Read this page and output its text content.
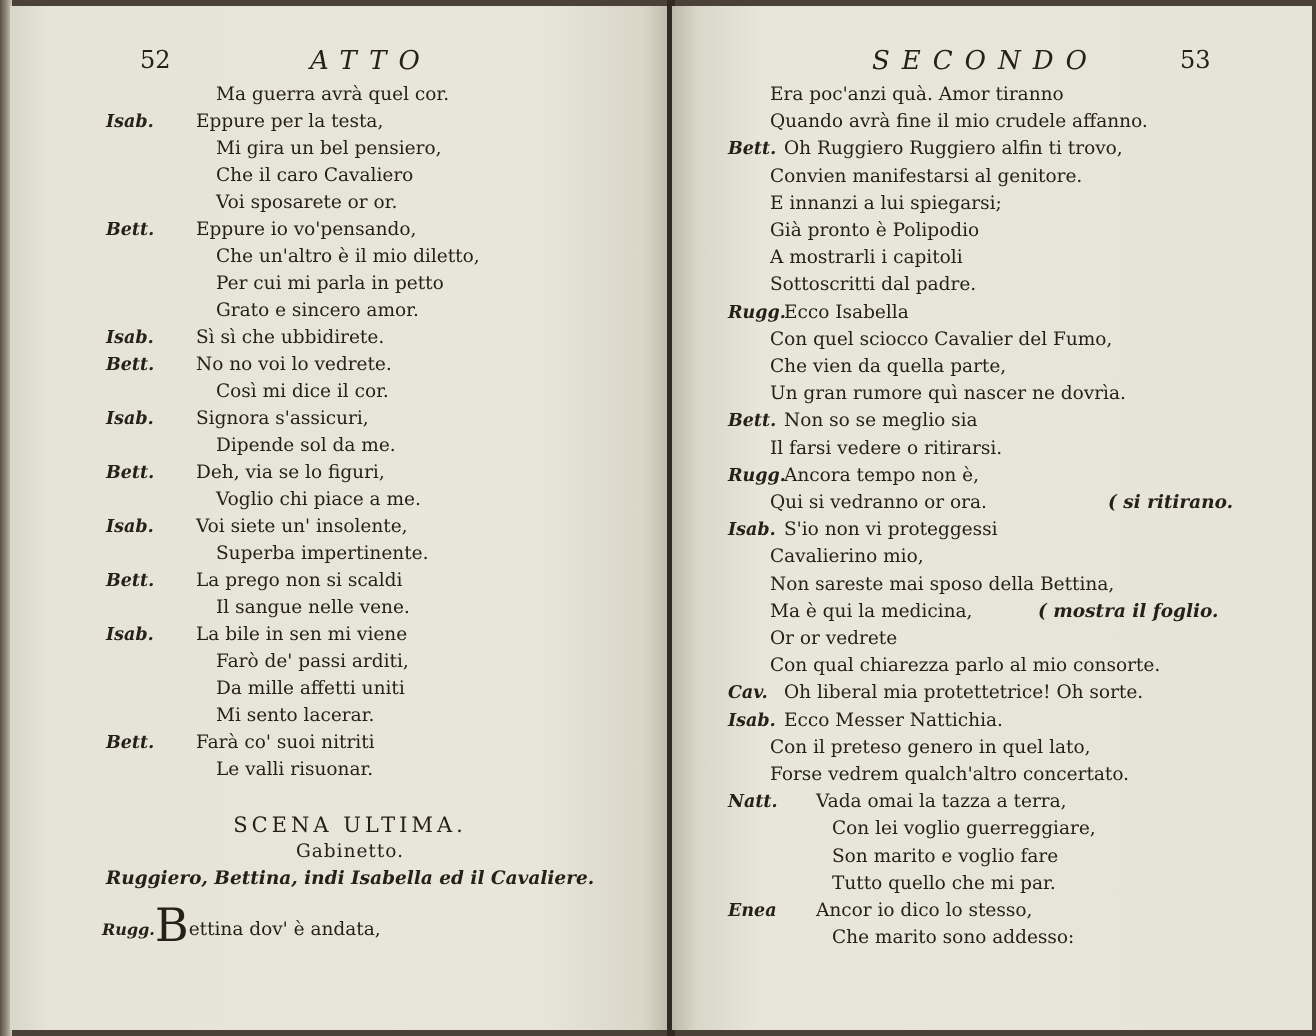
52	ATTO
Ma guerra avrà quel cor.
Isab. Eppure per la testa,
Mi gira un bel pensiero,
Che il caro Cavaliero
Voi sposarete or or.
Bett. Eppure io vo'pensando,
Che un'altro è il mio diletto,
Per cui mi parla in petto
Grato e sincero amor.
Isab. Sì sì che ubbidirete.
Bett. No no voi lo vedrete.
Così mi dice il cor.
Isab. Signora s'assicuri,
Dipende sol da me.
Bett. Deh, via se lo figuri,
Voglio chi piace a me.
Isab. Voi siete un' insolente,
Superba impertinente.
Bett. La prego non si scaldi
Il sangue nelle vene.
Isab. La bile in sen mi viene
Farò de' passi arditi,
Da mille affetti uniti
Mi sento lacerar.
Bett. Farà co' suoi nitriti
Le valli risuonar.
SCENA ULTIMA.
Gabinetto.
Ruggiero, Bettina, indi Isabella ed il Cavaliere.
Rugg.Bettina dov' è andata,
SECONDO	53
Era poc'anzi quà. Amor tiranno
Quando avrà fine il mio crudele affanno.
Bett. Oh Ruggiero Ruggiero alfin ti trovo,
Convien manifestarsi al genitore.
E innanzi a lui spiegarsi;
Già pronto è Polipodio
A mostrarli i capitoli
Sottoscritti dal padre.
Rugg.
Ecco Isabella
Con quel sciocco Cavalier del Fumo,
Che vien da quella parte,
Un gran rumore quì nascer ne dovrìa.
Bett. Non so se meglio sia
Il farsi vedere o ritirarsi.
Rugg.
Ancora tempo non è,
Qui si vedranno or ora.	( si ritirano.
Isab. S'io non vi proteggessi
Cavalierino mio,
Non sareste mai sposo della Bettina,
Ma è qui la medicina,	( mostra il foglio.
Or or vedrete
Con qual chiarezza parlo al mio consorte.
Cav. Oh liberal mia protettetrice! Oh sorte.
Isab. Ecco Messer Nattichia.
Con il preteso genero in quel lato,
Forse vedrem qualch'altro concertato.
Natt. Vada omai la tazza a terra,
Con lei voglio guerreggiare,
Son marito e voglio fare
Tutto quello che mi par.
Enea Ancor io dico lo stesso,
Che marito sono addesso:
